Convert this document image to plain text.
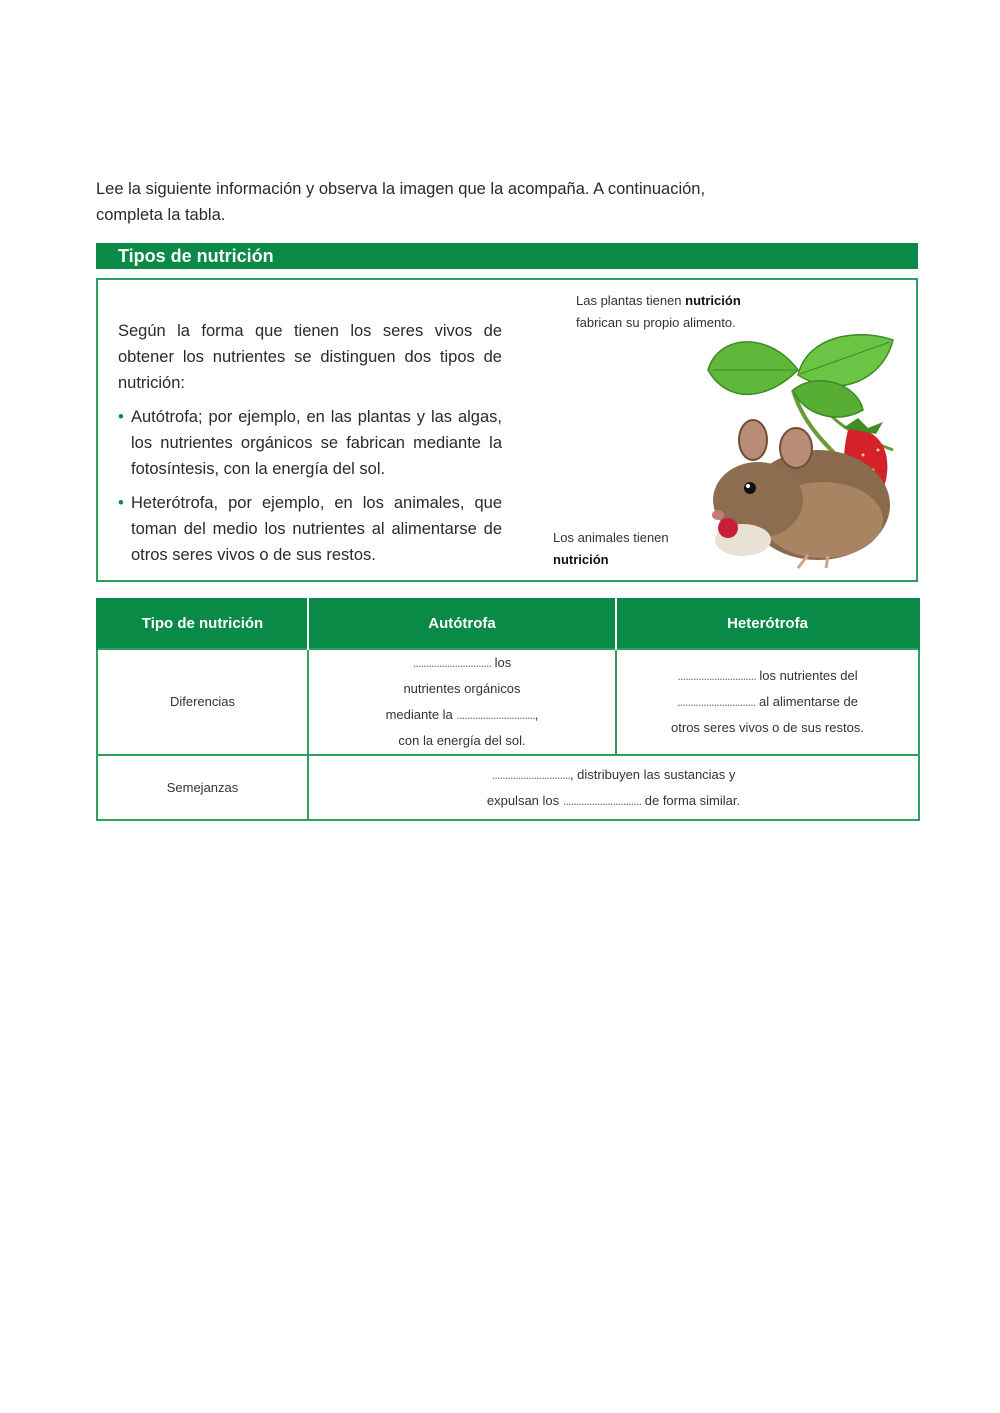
Lee la siguiente información y observa la imagen que la acompaña. A continuación, completa la tabla.
Tipos de nutrición

Según la forma que tienen los seres vivos de obtener los nutrientes se distinguen dos tipos de nutrición:

• Autótrofa; por ejemplo, en las plantas y las algas, los nutrientes orgánicos se fabrican mediante la fotosíntesis, con la energía del sol.
• Heterótrofa, por ejemplo, en los animales, que toman del medio los nutrientes al alimentarse de otros seres vivos o de sus restos.
Las plantas tienen nutrición
fabrican su propio alimento.
Los animales tienen
nutrición
Tipo de nutrición	Autótrofa	Heterótrofa
Diferencias	.............................. los
nutrientes orgánicos
mediante la ..............................,
con la energía del sol.	.............................. los nutrientes del
.............................. al alimentarse de
otros seres vivos o de sus restos.
Semejanzas	.............................., distribuyen las sustancias y
expulsan los .............................. de forma similar.	
